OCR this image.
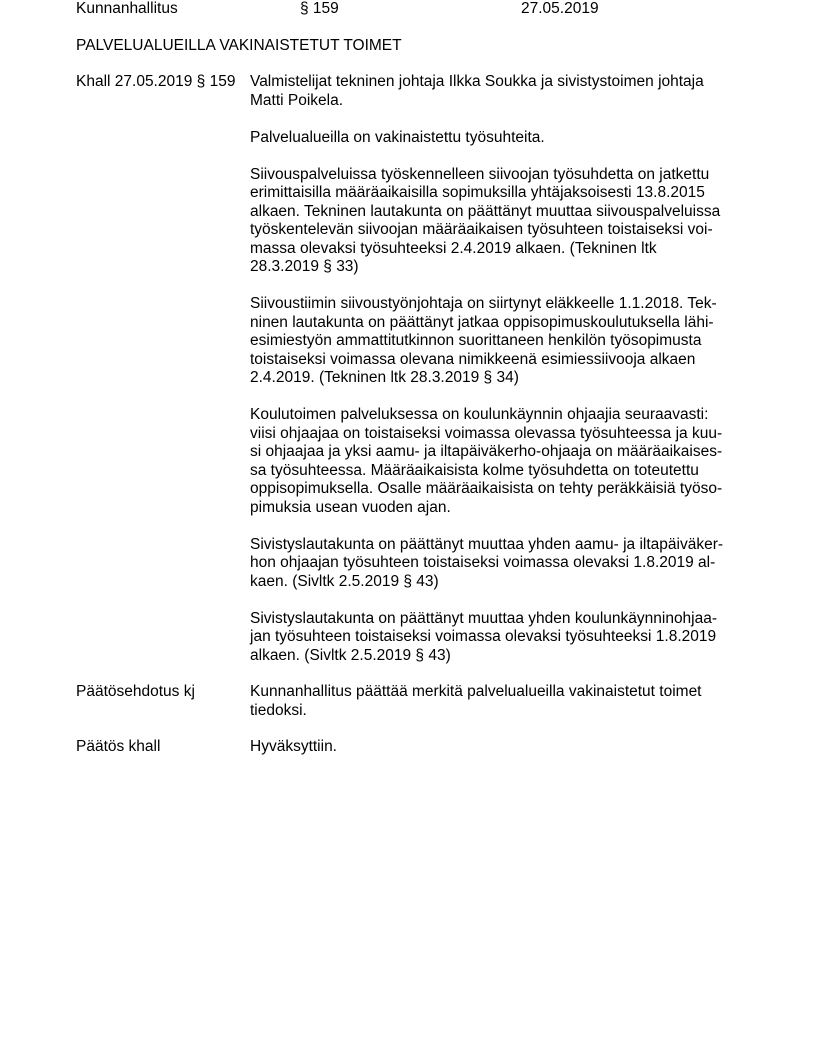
Kunnanhallitus	§ 159	27.05.2019
PALVELUALUEILLA VAKINAISTETUT TOIMET
Khall 27.05.2019 § 159 Valmistelijat tekninen johtaja Ilkka Soukka ja sivistystoimen johtaja
Matti Poikela.
Palvelualueilla on vakinaistettu työsuhteita.
Siivouspalveluissa työskennelleen siivoojan työsuhdetta on jatkettu
erimittaisilla määräaikaisilla sopimuksilla yhtäjaksoisesti 13.8.2015
alkaen. Tekninen lautakunta on päättänyt muuttaa siivouspalveluissa
työskentelevän siivoojan määräaikaisen työsuhteen toistaiseksi voi-
massa olevaksi työsuhteeksi 2.4.2019 alkaen. (Tekninen ltk
28.3.2019 § 33)
Siivoustiimin siivoustyönjohtaja on siirtynyt eläkkeelle 1.1.2018. Tek-
ninen lautakunta on päättänyt jatkaa oppisopimuskoulutuksella lähi-
esimiestyön ammattitutkinnon suorittaneen henkilön työsopimusta
toistaiseksi voimassa olevana nimikkeenä esimiessiivooja alkaen
2.4.2019. (Tekninen ltk 28.3.2019 § 34)
Koulutoimen palveluksessa on koulunkäynnin ohjaajia seuraavasti:
viisi ohjaajaa on toistaiseksi voimassa olevassa työsuhteessa ja kuu-
si ohjaajaa ja yksi aamu- ja iltapäiväkerho-ohjaaja on määräaikaises-
sa työsuhteessa. Määräaikaisista kolme työsuhdetta on toteutettu
oppisopimuksella. Osalle määräaikaisista on tehty peräkkäisiä työso-
pimuksia usean vuoden ajan.
Sivistyslautakunta on päättänyt muuttaa yhden aamu- ja iltapäiväker-
hon ohjaajan työsuhteen toistaiseksi voimassa olevaksi 1.8.2019 al-
kaen. (Sivltk 2.5.2019 § 43)
Sivistyslautakunta on päättänyt muuttaa yhden koulunkäynninohjaa-
jan työsuhteen toistaiseksi voimassa olevaksi työsuhteeksi 1.8.2019
alkaen. (Sivltk 2.5.2019 § 43)
Päätösehdotus kj	Kunnanhallitus päättää merkitä palvelualueilla vakinaistetut toimet
tiedoksi.
Päätös khall	Hyväksyttiin.
